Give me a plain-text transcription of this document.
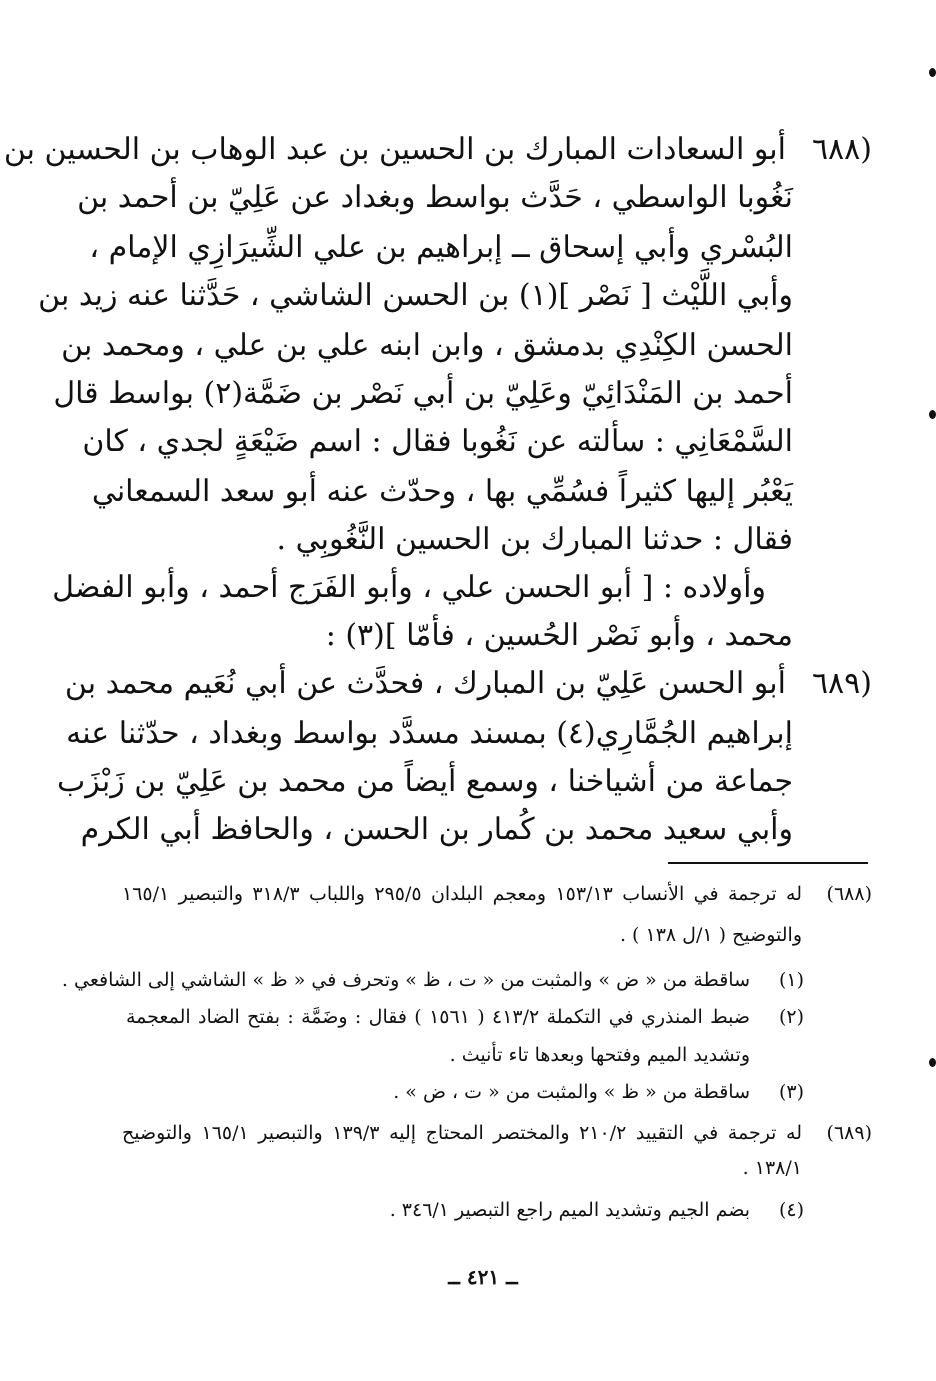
(٦٨٨
أبو السعادات المبارك بن الحسين بن عبد الوهاب بن الحسين بن
نَغُوبا الواسطي ، حَدَّث بواسط وبغداد عن عَلِيّ بن أحمد بن
البُسْري وأبي إسحاق ــ إبراهيم بن علي الشِّيرَازِي الإمام ،
وأبي اللَّيْث [ نَصْر ](١) بن الحسن الشاشي ، حَدَّثنا عنه زيد بن
الحسن الكِنْدِي بدمشق ، وابن ابنه علي بن علي ، ومحمد بن
أحمد بن المَنْدَائِيّ وعَلِيّ بن أبي نَصْر بن ضَمَّة(٢) بواسط قال
السَّمْعَانِي : سألته عن نَغُوبا فقال : اسم ضَيْعَةٍ لجدي ، كان
يَعْبُر إليها كثيراً فسُمِّي بها ، وحدّث عنه أبو سعد السمعاني
فقال : حدثنا المبارك بن الحسين النَّغُوبِي .
وأولاده : [ أبو الحسن علي ، وأبو الفَرَج أحمد ، وأبو الفضل
محمد ، وأبو نَصْر الحُسين ، فأمّا ](٣) :
(٦٨٩
أبو الحسن عَلِيّ بن المبارك ، فحدَّث عن أبي نُعَيم محمد بن
إبراهيم الجُمَّارِي(٤) بمسند مسدَّد بواسط وبغداد ، حدّثنا عنه
جماعة من أشياخنا ، وسمع أيضاً من محمد بن عَلِيّ بن زَبْزَب
وأبي سعيد محمد بن كُمار بن الحسن ، والحافظ أبي الكرم
(٦٨٨)
له ترجمة في الأنساب ١٥٣/١٣ ومعجم البلدان ٢٩٥/٥ واللباب ٣١٨/٣ والتبصير ١٦٥/١
والتوضيح ( ١/ل ١٣٨ ) .
(١)
ساقطة من « ض » والمثبت من « ت ، ظ » وتحرف في « ظ » الشاشي إلى الشافعي .
(٢)
ضبط المنذري في التكملة ٤١٣/٢ ( ١٥٦١ ) فقال : وضَمَّة : بفتح الضاد المعجمة
وتشديد الميم وفتحها وبعدها تاء تأنيث .
(٣)
ساقطة من « ظ » والمثبت من « ت ، ض » .
(٦٨٩)
له ترجمة في التقييد ٢١٠/٢ والمختصر المحتاج إليه ١٣٩/٣ والتبصير ١٦٥/١ والتوضيح
١٣٨/١ .
(٤)
بضم الجيم وتشديد الميم راجع التبصير ٣٤٦/١ .
ــ ٤٢١ ــ
